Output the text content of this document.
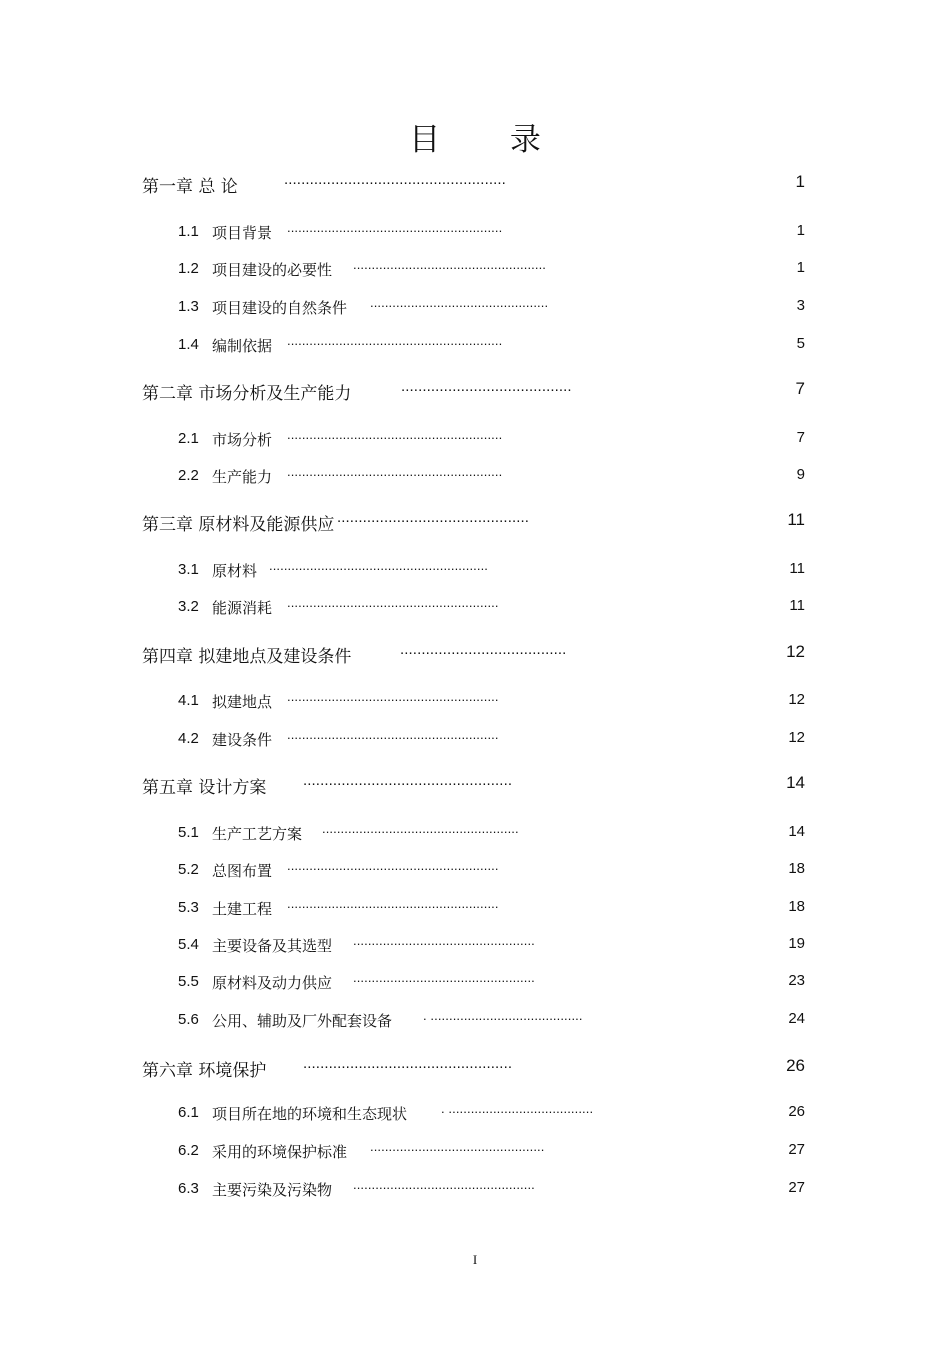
目 录
第一章 总 论	....................................................	1
1.1 项目背景 ..........................................................	1
1.2 项目建设的必要性 ....................................................	1
1.3 项目建设的自然条件 ................................................	3
1.4 编制依据 ..........................................................	5
第二章 市场分析及生产能力	........................................	7
2.1 市场分析 ..........................................................	7
2.2 生产能力 ..........................................................	9
第三章 原材料及能源供应 .............................................	11
3.1 原材料 ...........................................................	11
3.2 能源消耗 .........................................................	11
第四章 拟建地点及建设条件	.......................................	12
4.1 拟建地点 .........................................................	12
4.2 建设条件 .........................................................	12
第五章 设计方案 .................................................	14
5.1 生产工艺方案 .....................................................	14
5.2 总图布置 .........................................................	18
5.3 土建工程 .........................................................	18
5.4 主要设备及其选型 .................................................	19
5.5 原材料及动力供应 .................................................	23
5.6 公用、辅助及厂外配套设备 . .........................................	24
第六章 环境保护 .................................................	26
6.1 项目所在地的环境和生态现状	. .......................................	26
6.2 采用的环境保护标准 ...............................................	27
6.3 主要污染及污染物 .................................................	27
I
